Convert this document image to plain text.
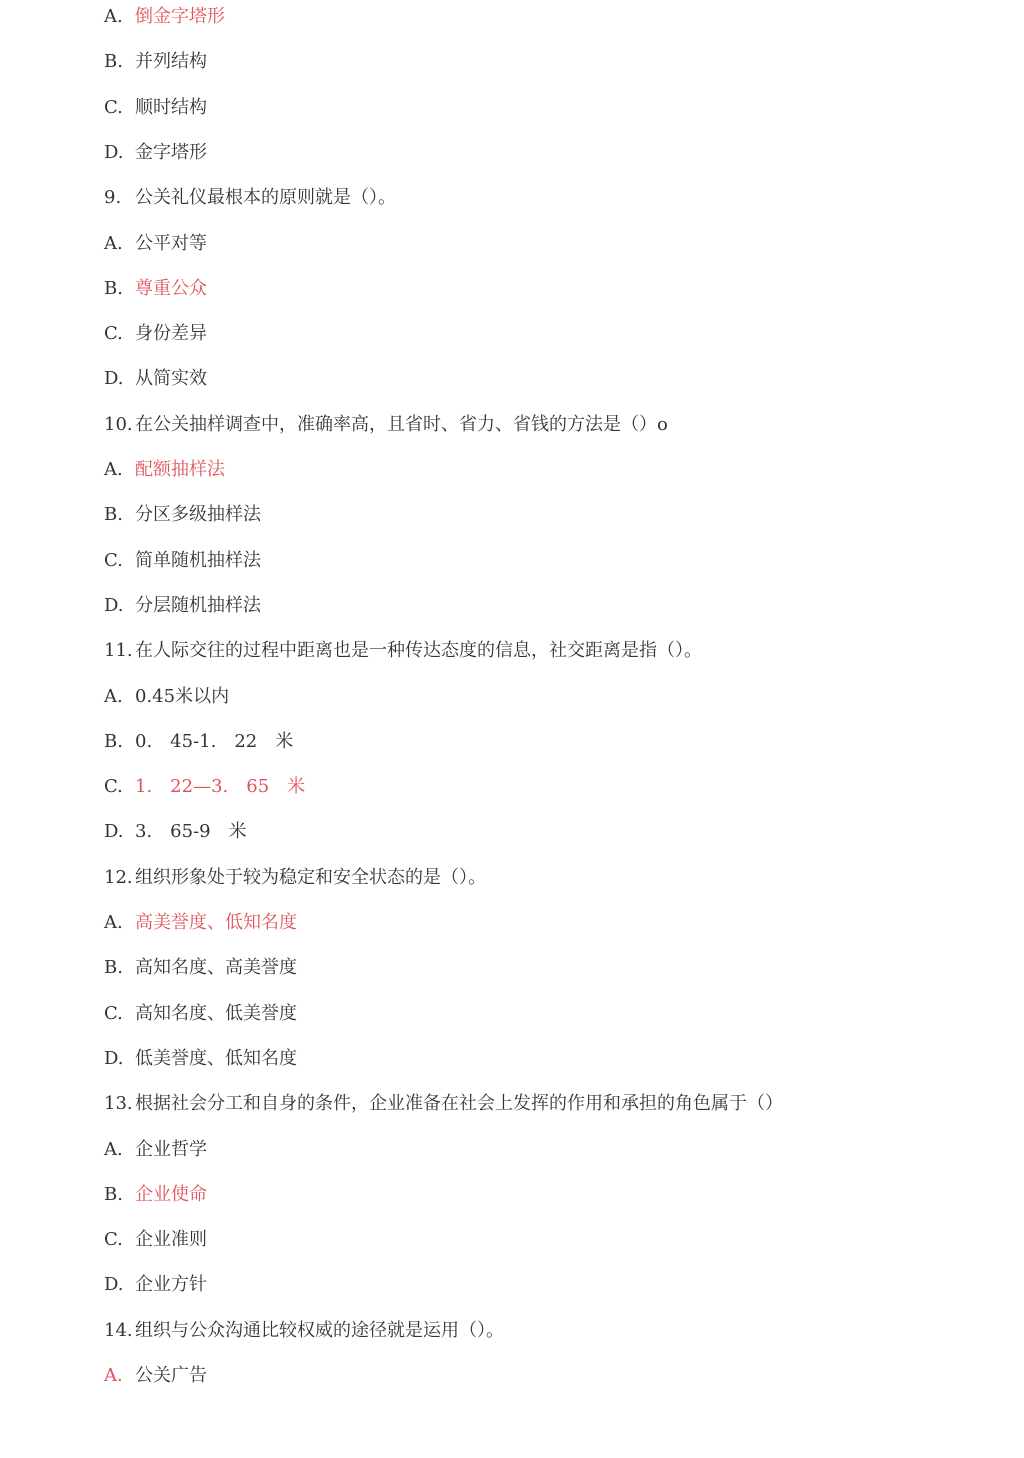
A. 倒金字塔形
B. 并列结构
C. 顺时结构
D. 金字塔形
9. 公关礼仪最根本的原则就是（）。
A. 公平对等
B. 尊重公众
C. 身份差异
D. 从简实效
10. 在公关抽样调查中，准确率高，且省时、省力、省钱的方法是（）o
A. 配额抽样法
B. 分区多级抽样法
C. 简单随机抽样法
D. 分层随机抽样法
11. 在人际交往的过程中距离也是一种传达态度的信息，社交距离是指（）。
A. 0.45米以内
B. 0.　45-1.　22　米
C. 1.　22—3.　65　米
D. 3.　65-9　米
12. 组织形象处于较为稳定和安全状态的是（）。
A. 高美誉度、低知名度
B. 高知名度、高美誉度
C. 高知名度、低美誉度
D. 低美誉度、低知名度
13. 根据社会分工和自身的条件，企业准备在社会上发挥的作用和承担的角色属于（）
A. 企业哲学
B. 企业使命
C. 企业准则
D. 企业方针
14. 组织与公众沟通比较权威的途径就是运用（）。
A. 公关广告
